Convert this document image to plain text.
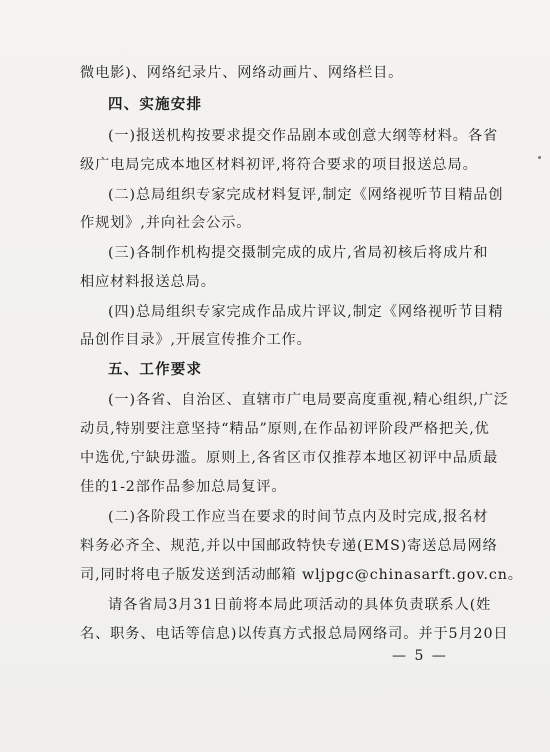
微电影)、网络纪录片、网络动画片、网络栏目。
四、实施安排
(一)报送机构按要求提交作品剧本或创意大纲等材料。各省
级广电局完成本地区材料初评,将符合要求的项目报送总局。
(二)总局组织专家完成材料复评,制定《网络视听节目精品创
作规划》,并向社会公示。
(三)各制作机构提交摄制完成的成片,省局初核后将成片和
相应材料报送总局。
(四)总局组织专家完成作品成片评议,制定《网络视听节目精
品创作目录》,开展宣传推介工作。
五、工作要求
(一)各省、自治区、直辖市广电局要高度重视,精心组织,广泛
动员,特别要注意坚持“精品”原则,在作品初评阶段严格把关,优
中选优,宁缺毋滥。原则上,各省区市仅推荐本地区初评中品质最
佳的1-2部作品参加总局复评。
(二)各阶段工作应当在要求的时间节点内及时完成,报名材
料务必齐全、规范,并以中国邮政特快专递(EMS)寄送总局网络
司,同时将电子版发送到活动邮箱 wljpgc@chinasarft.gov.cn。
请各省局3月31日前将本局此项活动的具体负责联系人(姓
名、职务、电话等信息)以传真方式报总局网络司。并于5月20日
— 5 —
